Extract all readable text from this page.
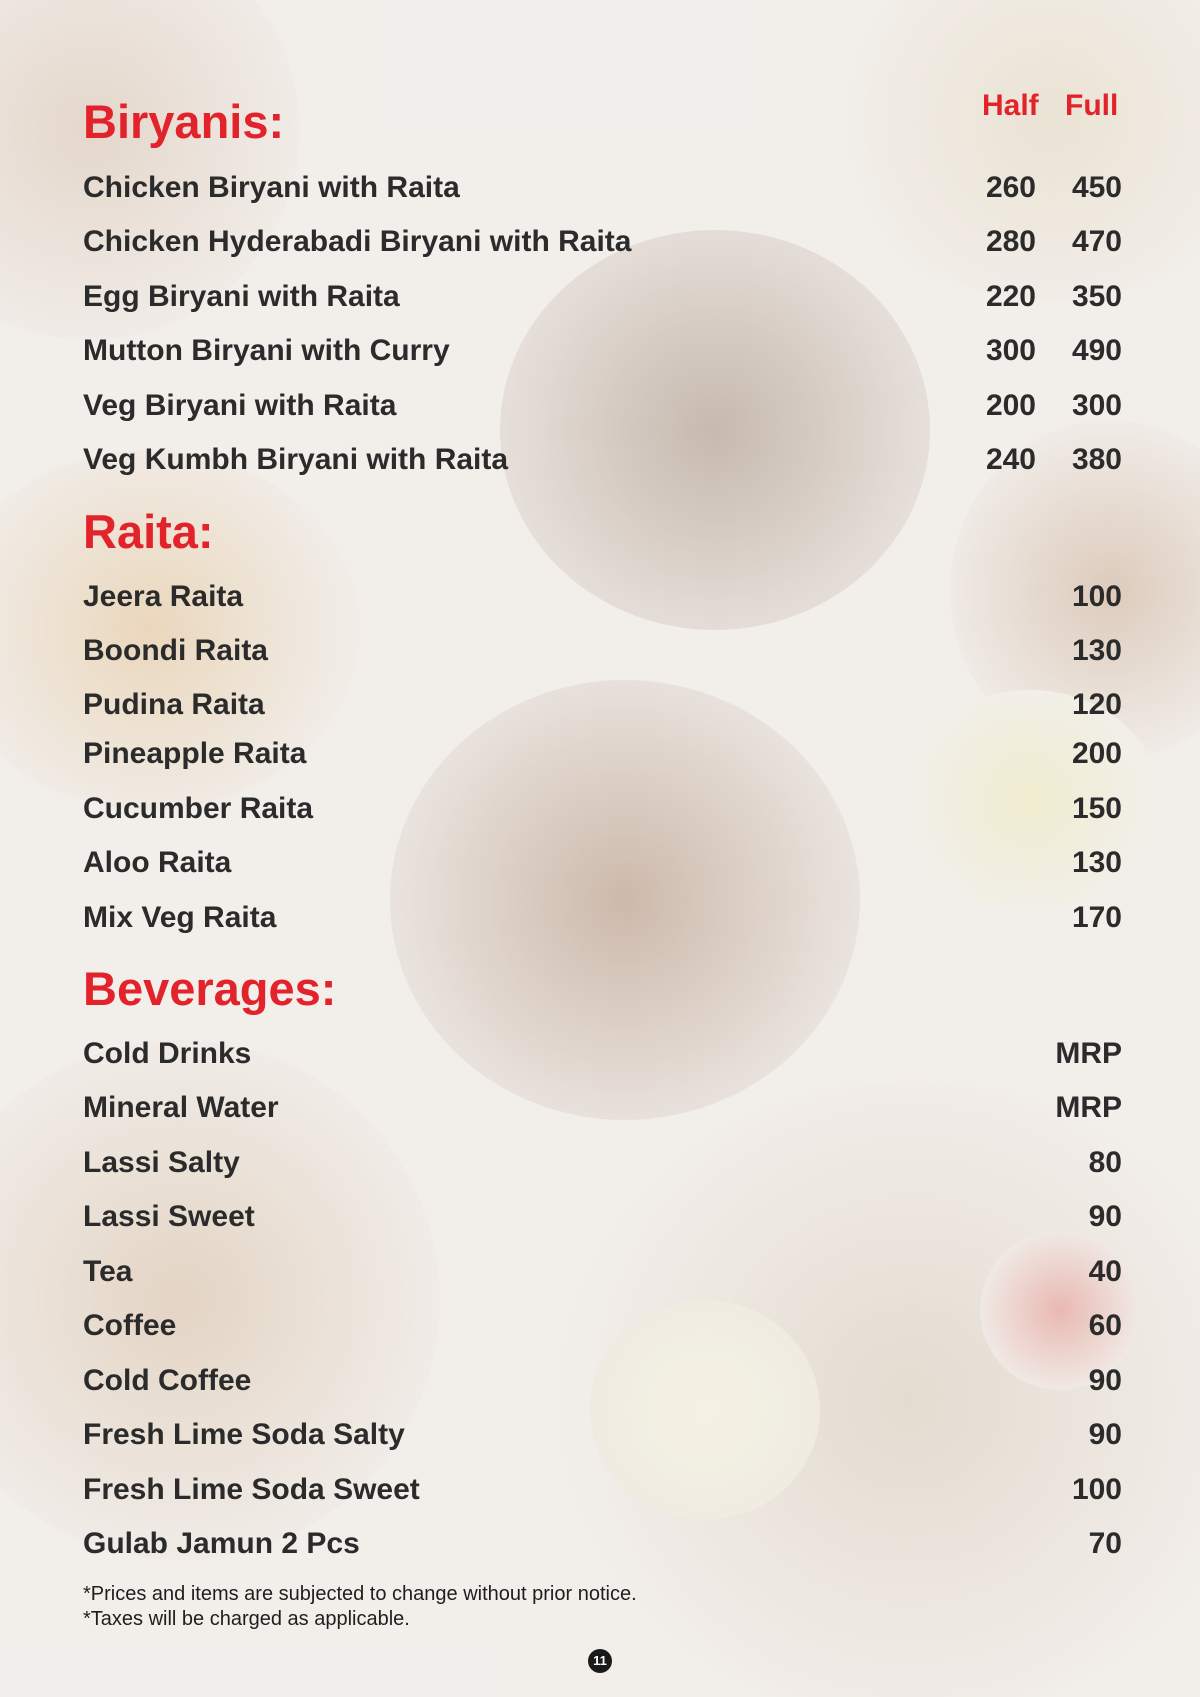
Half Full
Biryanis:
Chicken Biryani with Raita	260 450
Chicken Hyderabadi Biryani with Raita	280 470
Egg Biryani with Raita	220 350
Mutton Biryani with Curry	300 490
Veg Biryani with Raita	200 300
Veg Kumbh Biryani with Raita	240 380
Raita:
Jeera Raita	100
Boondi Raita	130
Pudina Raita	120
Pineapple Raita	200
Cucumber Raita	150
Aloo Raita	130
Mix Veg Raita	170
Beverages:
Cold Drinks	MRP
Mineral Water	MRP
Lassi Salty	80
Lassi Sweet	90
Tea	40
Coffee	60
Cold Coffee	90
Fresh Lime Soda Salty	90
Fresh Lime Soda Sweet	100
Gulab Jamun 2 Pcs	70
*Prices and items are subjected to change without prior notice.
*Taxes will be charged as applicable.
11
